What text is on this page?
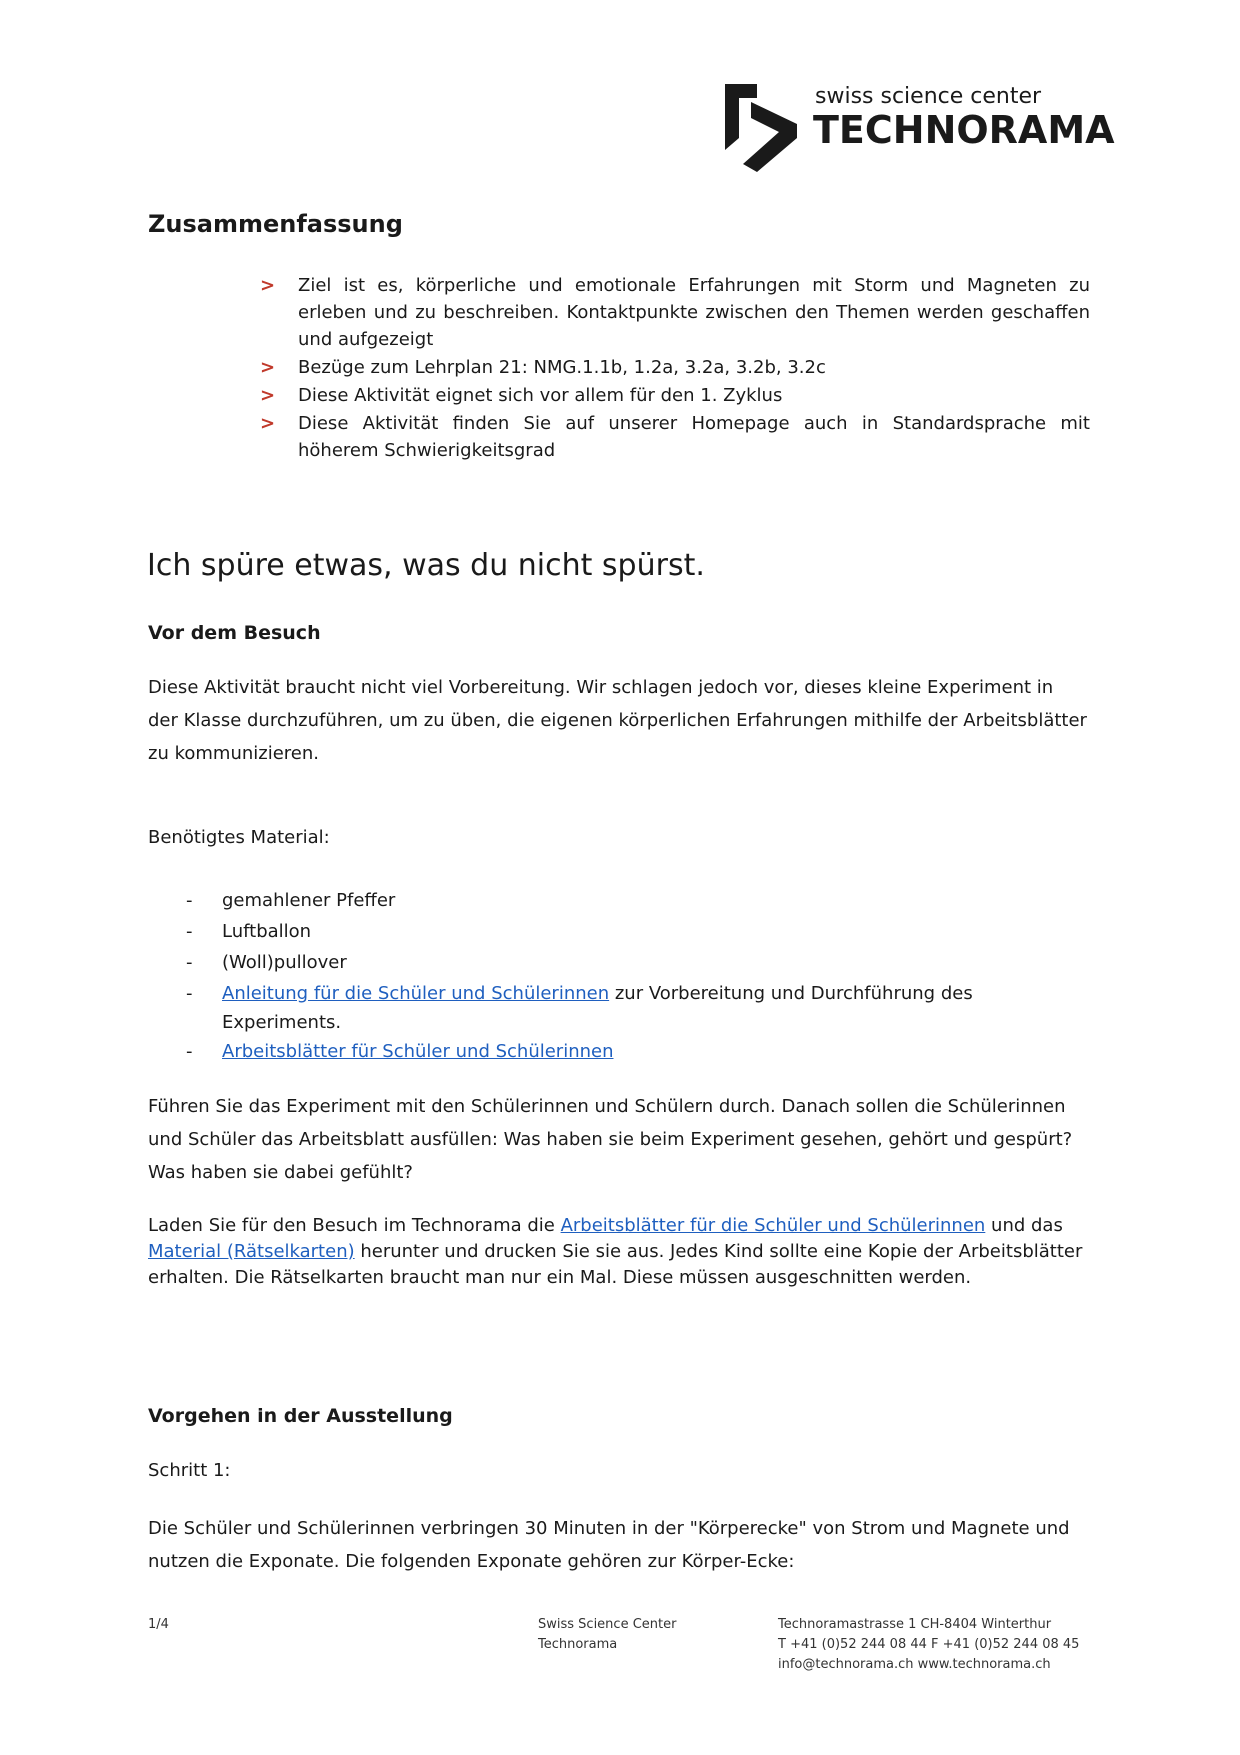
swiss science center
TECHNORAMA
Zusammenfassung
> Ziel ist es, körperliche und emotionale Erfahrungen mit Storm und Magneten zu erleben und zu beschreiben. Kontaktpunkte zwischen den Themen werden geschaffen und aufgezeigt
> Bezüge zum Lehrplan 21: NMG.1.1b, 1.2a, 3.2a, 3.2b, 3.2c
> Diese Aktivität eignet sich vor allem für den 1. Zyklus
> Diese Aktivität finden Sie auf unserer Homepage auch in Standardsprache mit höherem Schwierigkeitsgrad
Ich spüre etwas, was du nicht spürst.
Vor dem Besuch

Diese Aktivität braucht nicht viel Vorbereitung. Wir schlagen jedoch vor, dieses kleine Experiment in der Klasse durchzuführen, um zu üben, die eigenen körperlichen Erfahrungen mithilfe der Arbeitsblätter zu kommunizieren.

Benötigtes Material:

- gemahlener Pfeffer
- Luftballon
- (Woll)pullover
- Anleitung für die Schüler und Schülerinnen zur Vorbereitung und Durchführung des
Experiments.
- Arbeitsblätter für Schüler und Schülerinnen

Führen Sie das Experiment mit den Schülerinnen und Schülern durch. Danach sollen die Schülerinnen und Schüler das Arbeitsblatt ausfüllen: Was haben sie beim Experiment gesehen, gehört und gespürt? Was haben sie dabei gefühlt?

Laden Sie für den Besuch im Technorama die Arbeitsblätter für die Schüler und Schülerinnen und das Material (Rätselkarten) herunter und drucken Sie sie aus. Jedes Kind sollte eine Kopie der Arbeitsblätter erhalten. Die Rätselkarten braucht man nur ein Mal. Diese müssen ausgeschnitten werden.

Vorgehen in der Ausstellung

Schritt 1:

Die Schüler und Schülerinnen verbringen 30 Minuten in der "Körperecke" von Strom und Magnete und nutzen die Exponate. Die folgenden Exponate gehören zur Körper-Ecke:

1/4	Swiss Science Center Technorama
Technoramastrasse 1 CH-8404 Winterthur
T +41 (0)52 244 08 44 F +41 (0)52 244 08 45
info@technorama.ch www.technorama.ch
